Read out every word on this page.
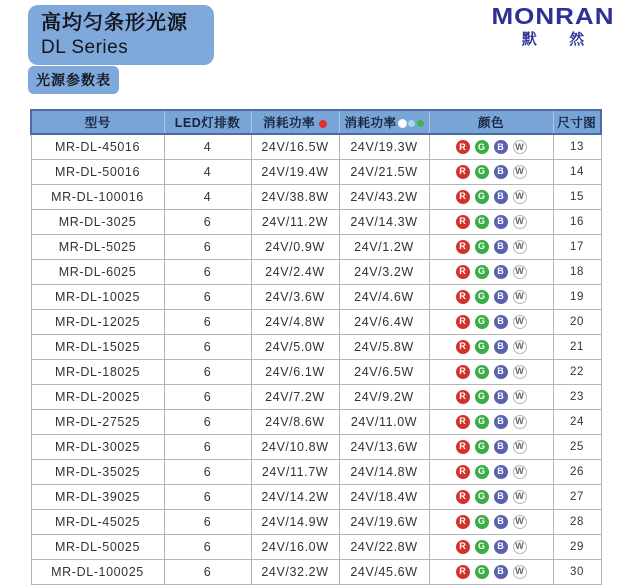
高均匀条形光源
DL Series
MONRAN
默 然
光源参数表
型号	LED灯排数	消耗功率	消耗功率	颜色	尺寸图
MR-DL-45016	4	24V/16.5W	24V/19.3W	R G B W	13
MR-DL-50016	4	24V/19.4W	24V/21.5W	R G B W	14
MR-DL-100016	4	24V/38.8W	24V/43.2W	R G B W	15
MR-DL-3025	6	24V/11.2W	24V/14.3W	R G B W	16
MR-DL-5025	6	24V/0.9W	24V/1.2W	R G B W	17
MR-DL-6025	6	24V/2.4W	24V/3.2W	R G B W	18
MR-DL-10025	6	24V/3.6W	24V/4.6W	R G B W	19
MR-DL-12025	6	24V/4.8W	24V/6.4W	R G B W	20
MR-DL-15025	6	24V/5.0W	24V/5.8W	R G B W	21
MR-DL-18025	6	24V/6.1W	24V/6.5W	R G B W	22
MR-DL-20025	6	24V/7.2W	24V/9.2W	R G B W	23
MR-DL-27525	6	24V/8.6W	24V/11.0W	R G B W	24
MR-DL-30025	6	24V/10.8W	24V/13.6W	R G B W	25
MR-DL-35025	6	24V/11.7W	24V/14.8W	R G B W	26
MR-DL-39025	6	24V/14.2W	24V/18.4W	R G B W	27
MR-DL-45025	6	24V/14.9W	24V/19.6W	R G B W	28
MR-DL-50025	6	24V/16.0W	24V/22.8W	R G B W	29
MR-DL-100025	6	24V/32.2W	24V/45.6W	R G B W	30
